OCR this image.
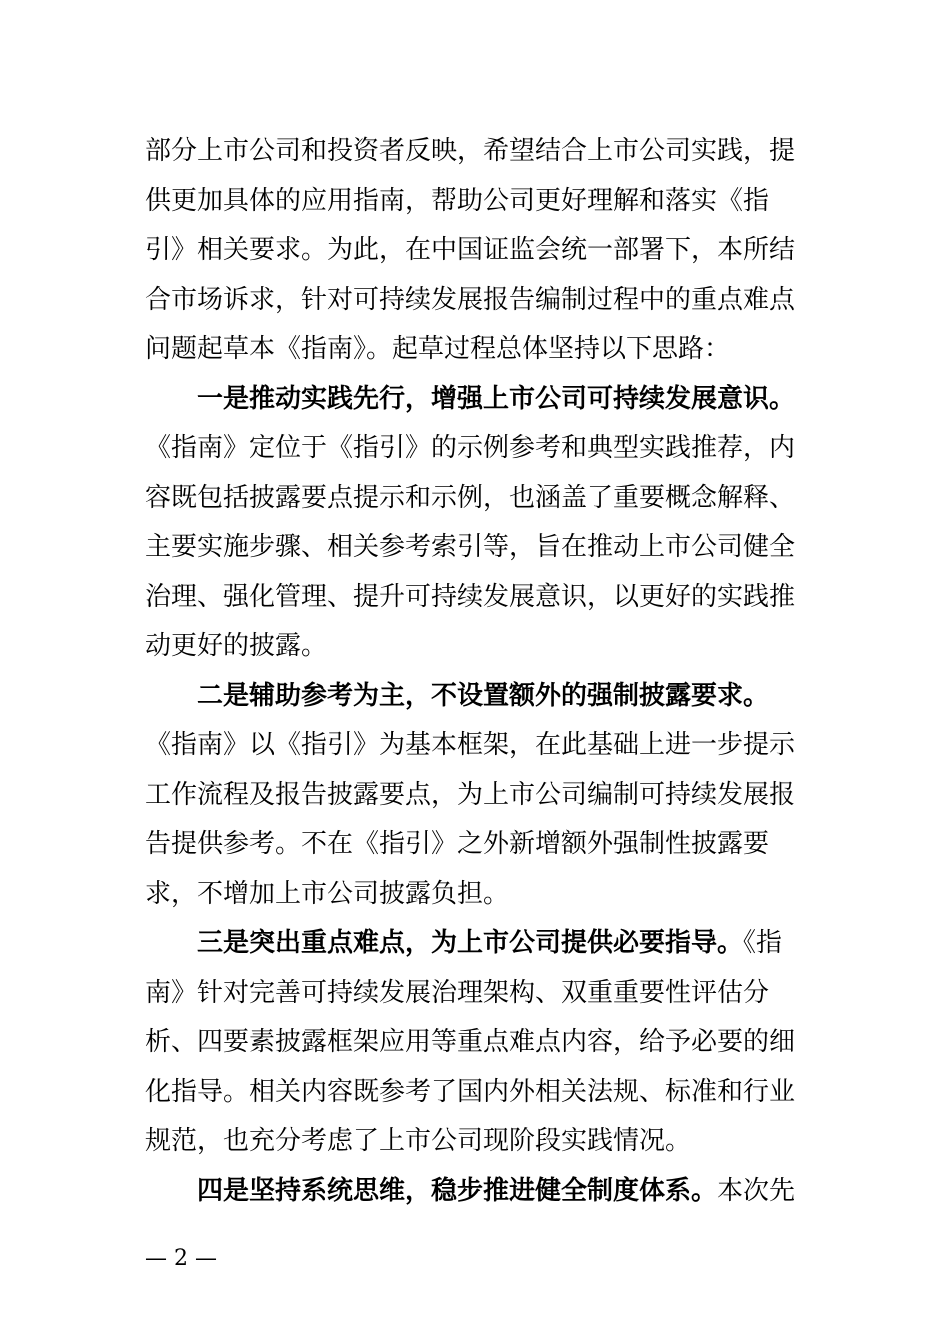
部分上市公司和投资者反映，希望结合上市公司实践，提
供更加具体的应用指南，帮助公司更好理解和落实《指
引》相关要求。为此，在中国证监会统一部署下，本所结
合市场诉求，针对可持续发展报告编制过程中的重点难点
问题起草本《指南》。起草过程总体坚持以下思路：
一是推动实践先行，增强上市公司可持续发展意识。
《指南》定位于《指引》的示例参考和典型实践推荐，内
容既包括披露要点提示和示例，也涵盖了重要概念解释、
主要实施步骤、相关参考索引等，旨在推动上市公司健全
治理、强化管理、提升可持续发展意识，以更好的实践推
动更好的披露。
二是辅助参考为主，不设置额外的强制披露要求。
《指南》以《指引》为基本框架，在此基础上进一步提示
工作流程及报告披露要点，为上市公司编制可持续发展报
告提供参考。不在《指引》之外新增额外强制性披露要
求，不增加上市公司披露负担。
三是突出重点难点，为上市公司提供必要指导。《指
南》针对完善可持续发展治理架构、双重重要性评估分
析、四要素披露框架应用等重点难点内容，给予必要的细
化指导。相关内容既参考了国内外相关法规、标准和行业
规范，也充分考虑了上市公司现阶段实践情况。
四是坚持系统思维，稳步推进健全制度体系。本次先
— 2 —
